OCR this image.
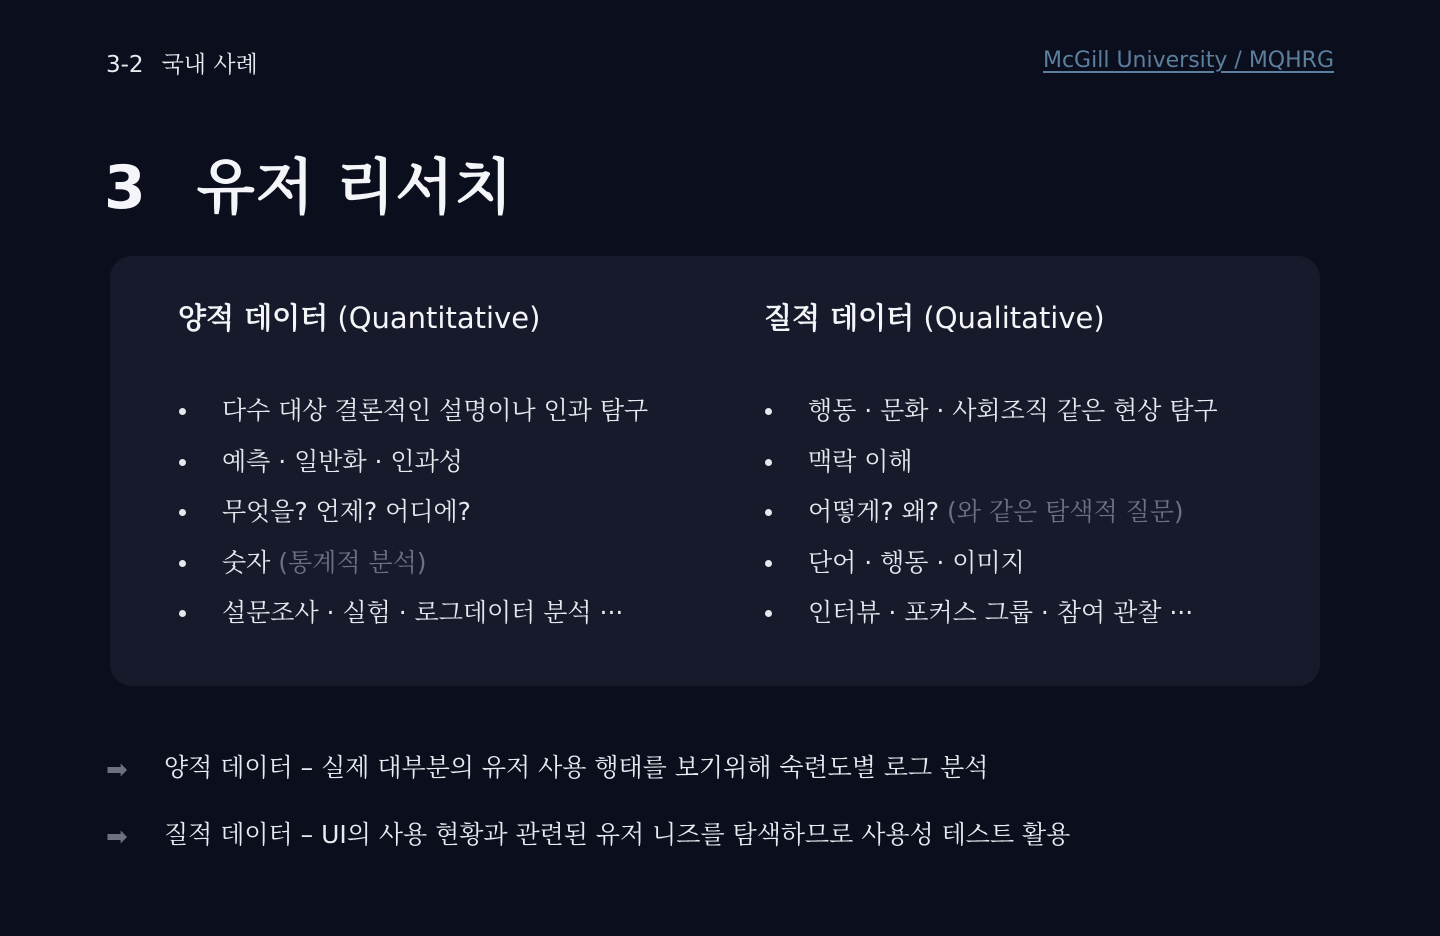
3-2 국내 사례	McGill University / MQHRG
3 유저 리서치
양적 데이터 (Quantitative)
다수 대상 결론적인 설명이나 인과 탐구
예측 · 일반화 · 인과성
무엇을? 언제? 어디에?
숫자 (통계적 분석)
설문조사 · 실험 · 로그데이터 분석 ···
질적 데이터 (Qualitative)
행동 · 문화 · 사회조직 같은 현상 탐구
맥락 이해
어떻게? 왜? (와 같은 탐색적 질문)
단어 · 행동 · 이미지
인터뷰 · 포커스 그룹 · 참여 관찰 ···
➡ 양적 데이터 – 실제 대부분의 유저 사용 행태를 보기위해 숙련도별 로그 분석
➡ 질적 데이터 – UI의 사용 현황과 관련된 유저 니즈를 탐색하므로 사용성 테스트 활용
